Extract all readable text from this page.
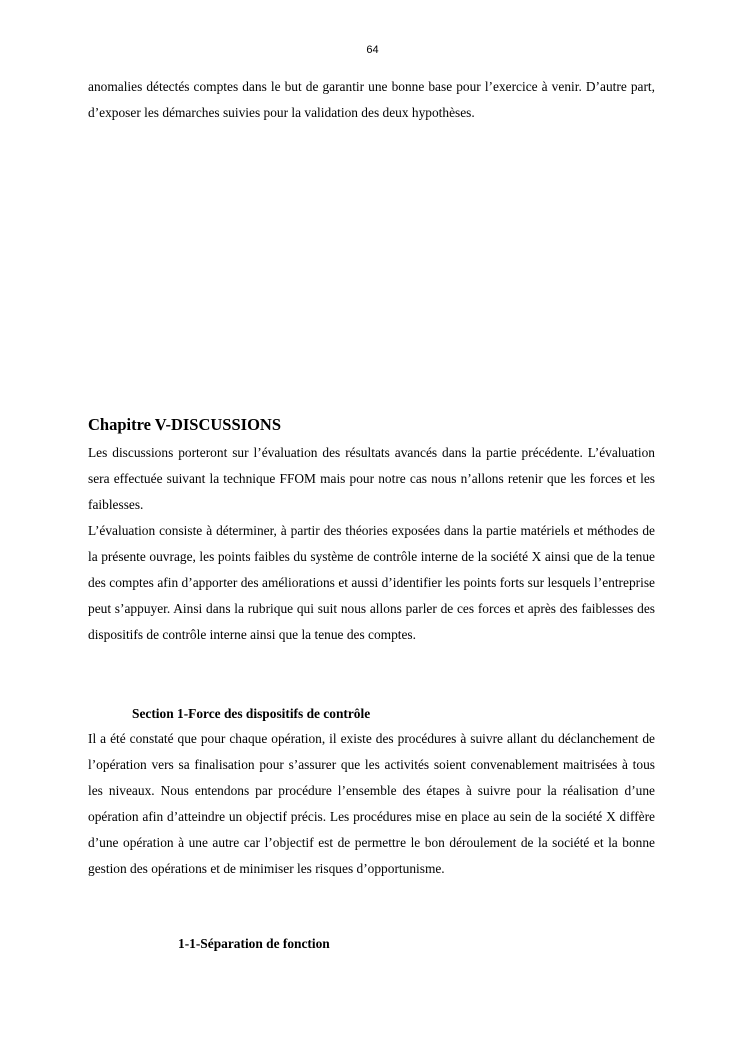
64

anomalies détectés comptes dans le but de garantir une bonne base pour l’exercice à venir. D’autre part, d’exposer les démarches suivies pour la validation des deux hypothèses.

Chapitre V-DISCUSSIONS

Les discussions porteront sur l’évaluation des résultats avancés dans la partie précédente. L’évaluation sera effectuée suivant la technique FFOM mais pour notre cas nous n’allons retenir que les forces et les faiblesses.

L’évaluation consiste à déterminer, à partir des théories exposées dans la partie matériels et méthodes de la présente ouvrage, les points faibles du système de contrôle interne de la société X ainsi que de la tenue des comptes afin d’apporter des améliorations et aussi d’identifier les points forts sur lesquels l’entreprise peut s’appuyer. Ainsi dans la rubrique qui suit nous allons parler de ces forces et après des faiblesses des dispositifs de contrôle interne ainsi que la tenue des comptes.

Section 1-Force des dispositifs de contrôle

Il a été constaté que pour chaque opération, il existe des procédures à suivre allant du déclanchement de l’opération vers sa finalisation pour s’assurer que les activités soient convenablement maitrisées à tous les niveaux. Nous entendons par procédure l’ensemble des étapes à suivre pour la réalisation d’une opération afin d’atteindre un objectif précis. Les procédures mise en place au sein de la société X diffère d’une opération à une autre car l’objectif est de permettre le bon déroulement de la société et la bonne gestion des opérations et de minimiser les risques d’opportunisme.

1-1-Séparation de fonction
